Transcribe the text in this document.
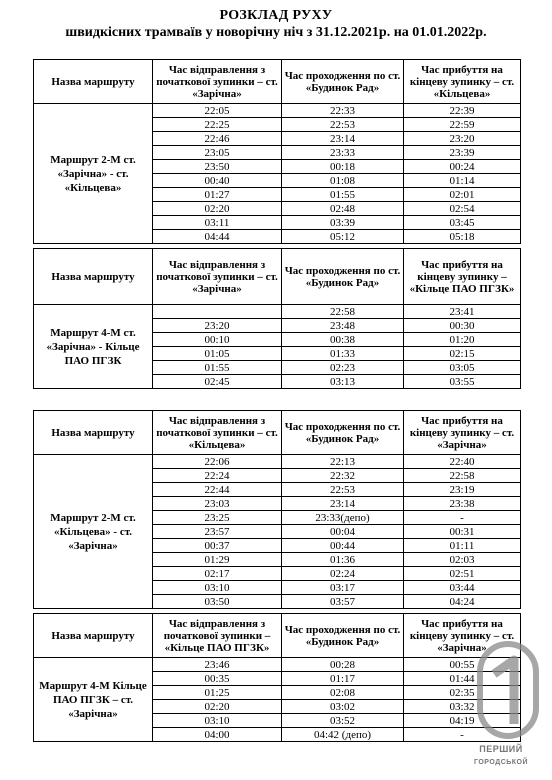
РОЗКЛАД РУХУ
швидкісних трамваїв у новорічну ніч з 31.12.2021р. на 01.01.2022р.
Назва маршруту	Час відправлення з початкової зупинки – ст. «Зарічна»	Час проходження по ст. «Будинок Рад»	Час прибуття на кінцеву зупинку – ст. «Кільцева»
Маршрут 2-М ст. «Зарічна» - ст. «Кільцева»	22:05	22:33	22:39
	22:25	22:53	22:59
	22:46	23:14	23:20
	23:05	23:33	23:39
	23:50	00:18	00:24
	00:40	01:08	01:14
	01:27	01:55	02:01
	02:20	02:48	02:54
	03:11	03:39	03:45
	04:44	05:12	05:18

Назва маршруту	Час відправлення з початкової зупинки – ст. «Зарічна»	Час проходження по ст. «Будинок Рад»	Час прибуття на кінцеву зупинку – «Кільце ПАО ПГЗК»
Маршрут 4-М ст. «Зарічна» - Кільце ПАО ПГЗК		22:58	23:41
	23:20	23:48	00:30
	00:10	00:38	01:20
	01:05	01:33	02:15
	01:55	02:23	03:05
	02:45	03:13	03:55
Назва маршруту	Час відправлення з початкової зупинки – ст. «Кільцева»	Час проходження по ст. «Будинок Рад»	Час прибуття на кінцеву зупинку – ст. «Зарічна»
Маршрут 2-М ст. «Кільцева» - ст. «Зарічна»	22:06	22:13	22:40
	22:24	22:32	22:58
	22:44	22:53	23:19
	23:03	23:14	23:38
	23:25	23:33(депо)	-
	23:57	00:04	00:31
	00:37	00:44	01:11
	01:29	01:36	02:03
	02:17	02:24	02:51
	03:10	03:17	03:44
	03:50	03:57	04:24

Назва маршруту	Час відправлення з початкової зупинки – «Кільце ПАО ПГЗК»	Час проходження по ст. «Будинок Рад»	Час прибуття на кінцеву зупинку – ст. «Зарічна»
Маршрут 4-М Кільце ПАО ПГЗК – ст. «Зарічна»	23:46	00:28	00:55
	00:35	01:17	01:44
	01:25	02:08	02:35
	02:20	03:02	03:32
	03:10	03:52	04:19
	04:00	04:42 (депо)	-
ПЕРШИЙ
ГОРОДСЬКОЙ
